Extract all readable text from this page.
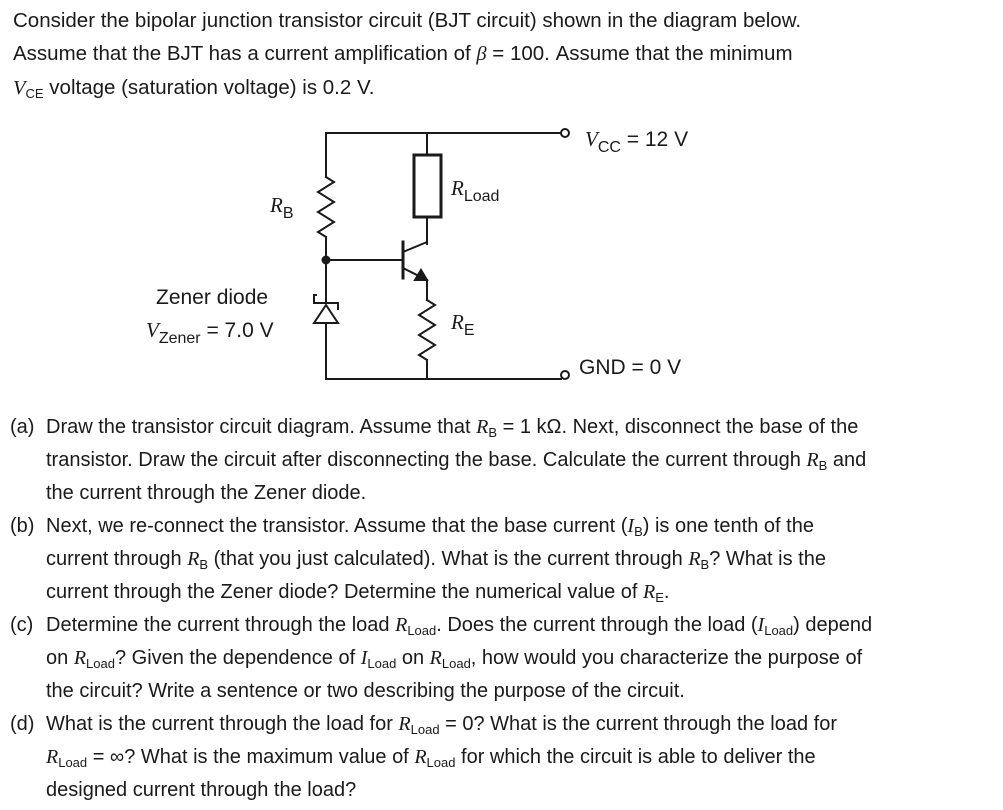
Consider the bipolar junction transistor circuit (BJT circuit) shown in the diagram below.

Assume that the BJT has a current amplification of β = 100. Assume that the minimum

$V_{CE}$ voltage (saturation voltage) is 0.2 V.

$V_{CC} = 12$ V
GND = 0 V
$R_B$
$R_{Load}$
$R_E$
Zener diode
$V_{Zener} = 7.0$ V

(a) Draw the transistor circuit diagram. Assume that $R_B = 1$ kΩ. Next, disconnect the base of the transistor. Draw the circuit after disconnecting the base. Calculate the current through $R_B$ and the current through the Zener diode.

(b) Next, we re-connect the transistor. Assume that the base current $(I_B)$ is one tenth of the current through $R_B$ (that you just calculated). What is the current through $R_B$? What is the current through the Zener diode? Determine the numerical value of $R_E$.

(c) Determine the current through the load $R_{Load}$. Does the current through the load $(I_{Load})$ depend on $R_{Load}$? Given the dependence of $I_{Load}$ on $R_{Load}$, how would you characterize the purpose of the circuit? Write a sentence or two describing the purpose of the circuit.

(d) What is the current through the load for $R_{Load} = 0$? What is the current through the load for $R_{Load}$ = ∞? What is the maximum value of $R_{Load}$ for which the circuit is able to deliver the designed current through the load?
